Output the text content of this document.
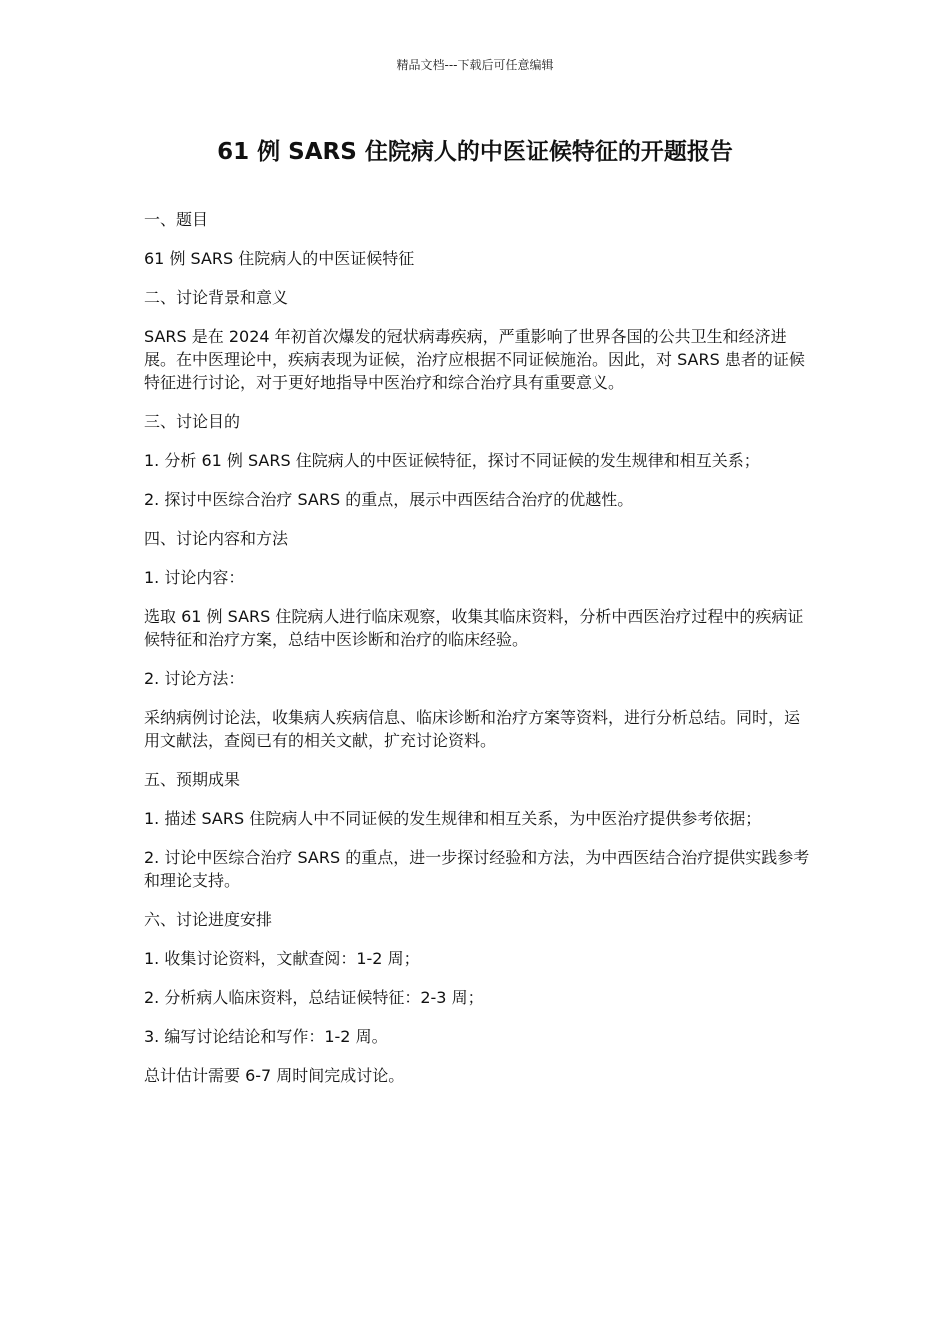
精品文档---下载后可任意编辑
61 例 SARS 住院病人的中医证候特征的开题报告

一、题目

61 例 SARS 住院病人的中医证候特征

二、讨论背景和意义

SARS 是在 2024 年初首次爆发的冠状病毒疾病，严重影响了世界各国的公共卫生和经济进展。在中医理论中，疾病表现为证候，治疗应根据不同证候施治。因此，对 SARS 患者的证候特征进行讨论，对于更好地指导中医治疗和综合治疗具有重要意义。

三、讨论目的

1. 分析 61 例 SARS 住院病人的中医证候特征，探讨不同证候的发生规律和相互关系；

2. 探讨中医综合治疗 SARS 的重点，展示中西医结合治疗的优越性。

四、讨论内容和方法

1. 讨论内容：

选取 61 例 SARS 住院病人进行临床观察，收集其临床资料，分析中西医治疗过程中的疾病证候特征和治疗方案，总结中医诊断和治疗的临床经验。

2. 讨论方法：

采纳病例讨论法，收集病人疾病信息、临床诊断和治疗方案等资料，进行分析总结。同时，运用文献法，查阅已有的相关文献，扩充讨论资料。

五、预期成果

1. 描述 SARS 住院病人中不同证候的发生规律和相互关系，为中医治疗提供参考依据；

2. 讨论中医综合治疗 SARS 的重点，进一步探讨经验和方法，为中西医结合治疗提供实践参考和理论支持。

六、讨论进度安排

1. 收集讨论资料，文献查阅：1-2 周；

2. 分析病人临床资料，总结证候特征：2-3 周；

3. 编写讨论结论和写作：1-2 周。

总计估计需要 6-7 周时间完成讨论。
